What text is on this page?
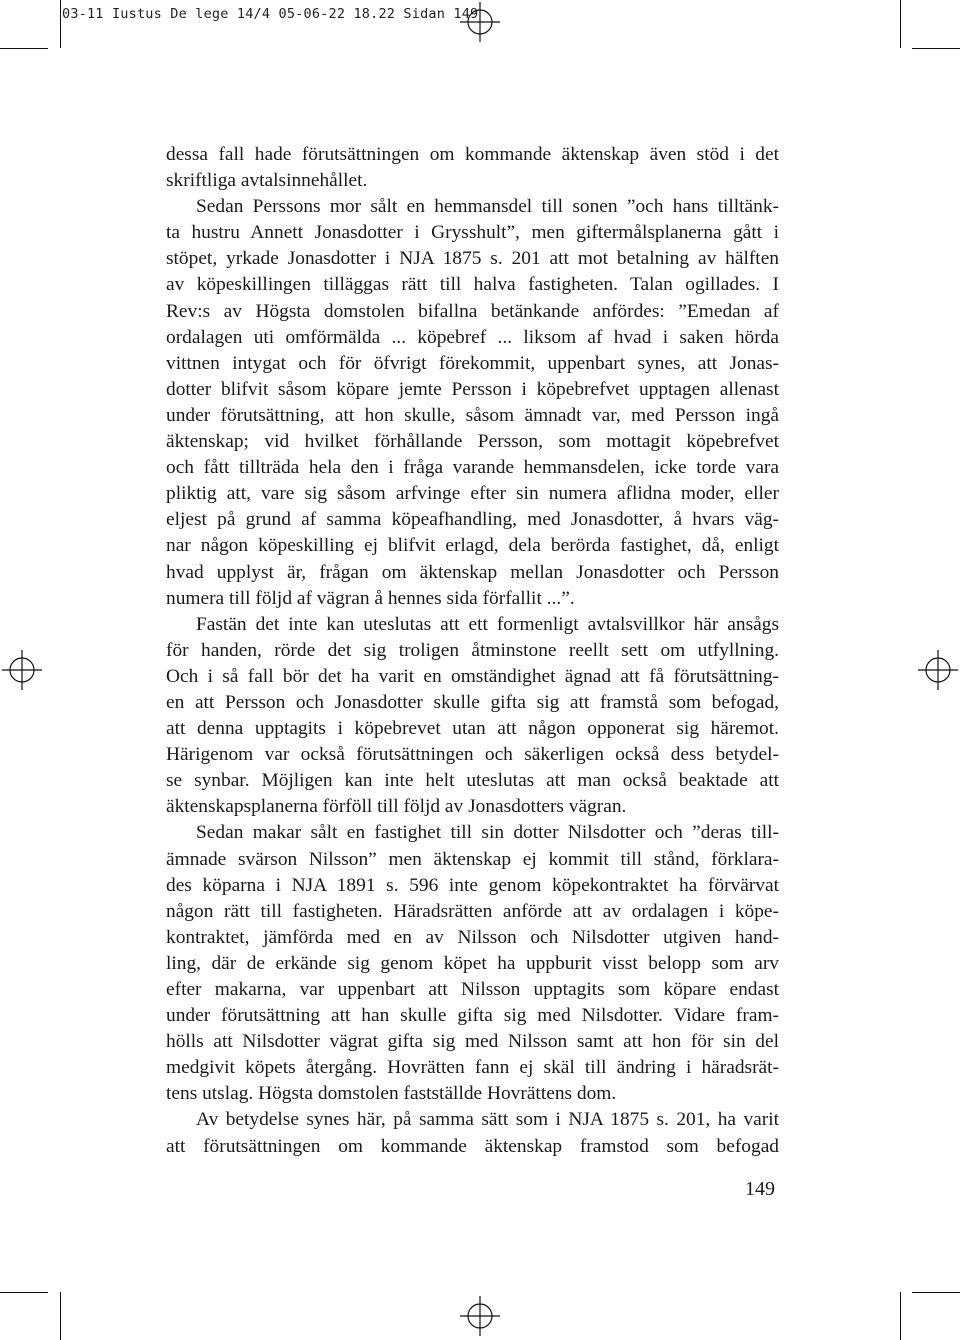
03-11 Iustus De lege 14/4 05-06-22 18.22 Sidan 149

dessa fall hade förutsättningen om kommande äktenskap även stöd i det

skriftliga avtalsinnehållet.

Sedan Perssons mor sålt en hemmansdel till sonen ”och hans tilltänk-

ta hustru Annett Jonasdotter i Grysshult”, men giftermålsplanerna gått i

stöpet, yrkade Jonasdotter i NJA 1875 s. 201 att mot betalning av hälften

av köpeskillingen tilläggas rätt till halva fastigheten. Talan ogillades. I

Rev:s av Högsta domstolen bifallna betänkande anfördes: ”Emedan af

ordalagen uti omförmälda ... köpebref ... liksom af hvad i saken hörda

vittnen intygat och för öfvrigt förekommit, uppenbart synes, att Jonas-

dotter blifvit såsom köpare jemte Persson i köpebrefvet upptagen allenast

under förutsättning, att hon skulle, såsom ämnadt var, med Persson ingå

äktenskap; vid hvilket förhållande Persson, som mottagit köpebrefvet

och fått tillträda hela den i fråga varande hemmansdelen, icke torde vara

pliktig att, vare sig såsom arfvinge efter sin numera aflidna moder, eller

eljest på grund af samma köpeafhandling, med Jonasdotter, å hvars väg-

nar någon köpeskilling ej blifvit erlagd, dela berörda fastighet, då, enligt

hvad upplyst är, frågan om äktenskap mellan Jonasdotter och Persson

numera till följd af vägran å hennes sida förfallit ...”.

Fastän det inte kan uteslutas att ett formenligt avtalsvillkor här ansågs

för handen, rörde det sig troligen åtminstone reellt sett om utfyllning.

Och i så fall bör det ha varit en omständighet ägnad att få förutsättning-

en att Persson och Jonasdotter skulle gifta sig att framstå som befogad,

att denna upptagits i köpebrevet utan att någon opponerat sig häremot.

Härigenom var också förutsättningen och säkerligen också dess betydel-

se synbar. Möjligen kan inte helt uteslutas att man också beaktade att

äktenskapsplanerna förföll till följd av Jonasdotters vägran.

Sedan makar sålt en fastighet till sin dotter Nilsdotter och ”deras till-

ämnade svärson Nilsson” men äktenskap ej kommit till stånd, förklara-

des köparna i NJA 1891 s. 596 inte genom köpekontraktet ha förvärvat

någon rätt till fastigheten. Häradsrätten anförde att av ordalagen i köpe-

kontraktet, jämförda med en av Nilsson och Nilsdotter utgiven hand-

ling, där de erkände sig genom köpet ha uppburit visst belopp som arv

efter makarna, var uppenbart att Nilsson upptagits som köpare endast

under förutsättning att han skulle gifta sig med Nilsdotter. Vidare fram-

hölls att Nilsdotter vägrat gifta sig med Nilsson samt att hon för sin del

medgivit köpets återgång. Hovrätten fann ej skäl till ändring i häradsrät-

tens utslag. Högsta domstolen fastställde Hovrättens dom.

Av betydelse synes här, på samma sätt som i NJA 1875 s. 201, ha varit

att förutsättningen om kommande äktenskap framstod som befogad

149
